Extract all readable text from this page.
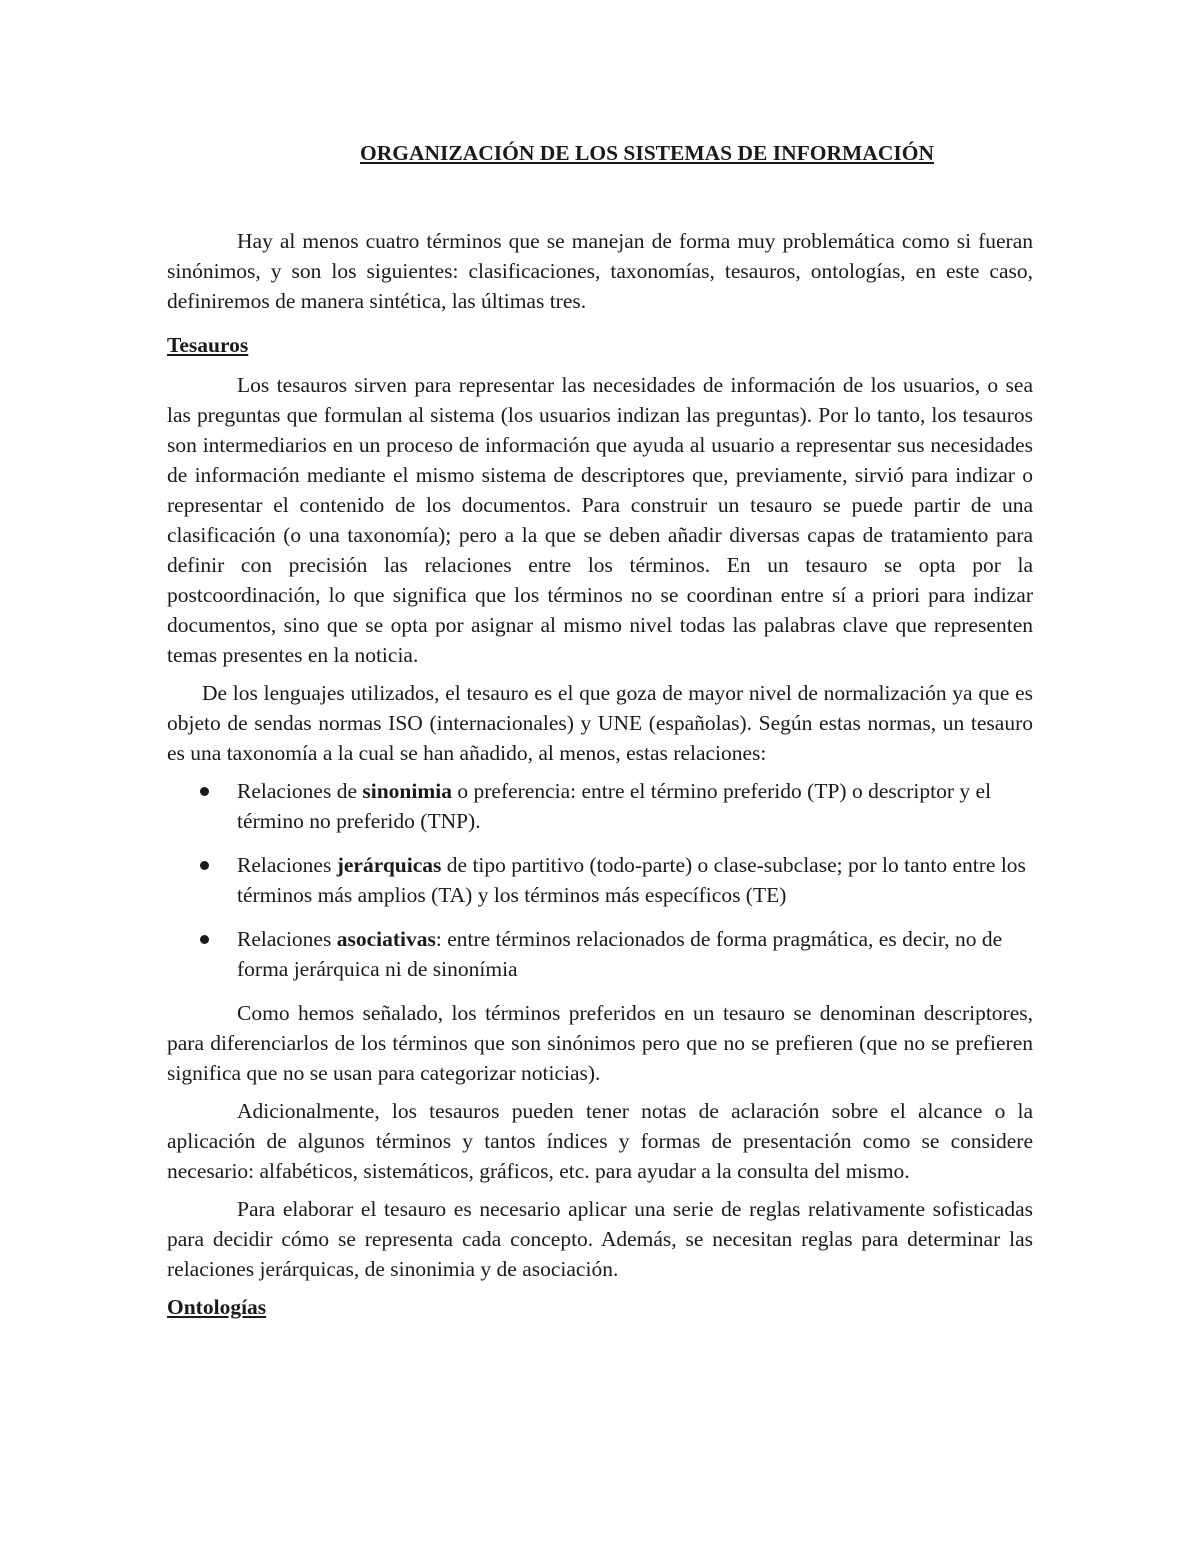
ORGANIZACIÓN DE LOS SISTEMAS DE INFORMACIÓN

Hay al menos cuatro términos que se manejan de forma muy problemática como si fueran sinónimos, y son los siguientes: clasificaciones, taxonomías, tesauros, ontologías, en este caso, definiremos de manera sintética, las últimas tres.

Tesauros

Los tesauros sirven para representar las necesidades de información de los usuarios, o sea las preguntas que formulan al sistema (los usuarios indizan las preguntas). Por lo tanto, los tesauros son intermediarios en un proceso de información que ayuda al usuario a representar sus necesidades de información mediante el mismo sistema de descriptores que, previamente, sirvió para indizar o representar el contenido de los documentos. Para construir un tesauro se puede partir de una clasificación (o una taxonomía); pero a la que se deben añadir diversas capas de tratamiento para definir con precisión las relaciones entre los términos. En un tesauro se opta por la postcoordinación, lo que significa que los términos no se coordinan entre sí a priori para indizar documentos, sino que se opta por asignar al mismo nivel todas las palabras clave que representen temas presentes en la noticia.

De los lenguajes utilizados, el tesauro es el que goza de mayor nivel de normalización ya que es objeto de sendas normas ISO (internacionales) y UNE (españolas). Según estas normas, un tesauro es una taxonomía a la cual se han añadido, al menos, estas relaciones:

Relaciones de sinonimia o preferencia: entre el término preferido (TP) o descriptor y el término no preferido (TNP).
Relaciones jerárquicas de tipo partitivo (todo-parte) o clase-subclase; por lo tanto entre los términos más amplios (TA) y los términos más específicos (TE)
Relaciones asociativas: entre términos relacionados de forma pragmática, es decir, no de forma jerárquica ni de sinonímia

Como hemos señalado, los términos preferidos en un tesauro se denominan descriptores, para diferenciarlos de los términos que son sinónimos pero que no se prefieren (que no se prefieren significa que no se usan para categorizar noticias).

Adicionalmente, los tesauros pueden tener notas de aclaración sobre el alcance o la aplicación de algunos términos y tantos índices y formas de presentación como se considere necesario: alfabéticos, sistemáticos, gráficos, etc. para ayudar a la consulta del mismo.

Para elaborar el tesauro es necesario aplicar una serie de reglas relativamente sofisticadas para decidir cómo se representa cada concepto. Además, se necesitan reglas para determinar las relaciones jerárquicas, de sinonimia y de asociación.

Ontologías
